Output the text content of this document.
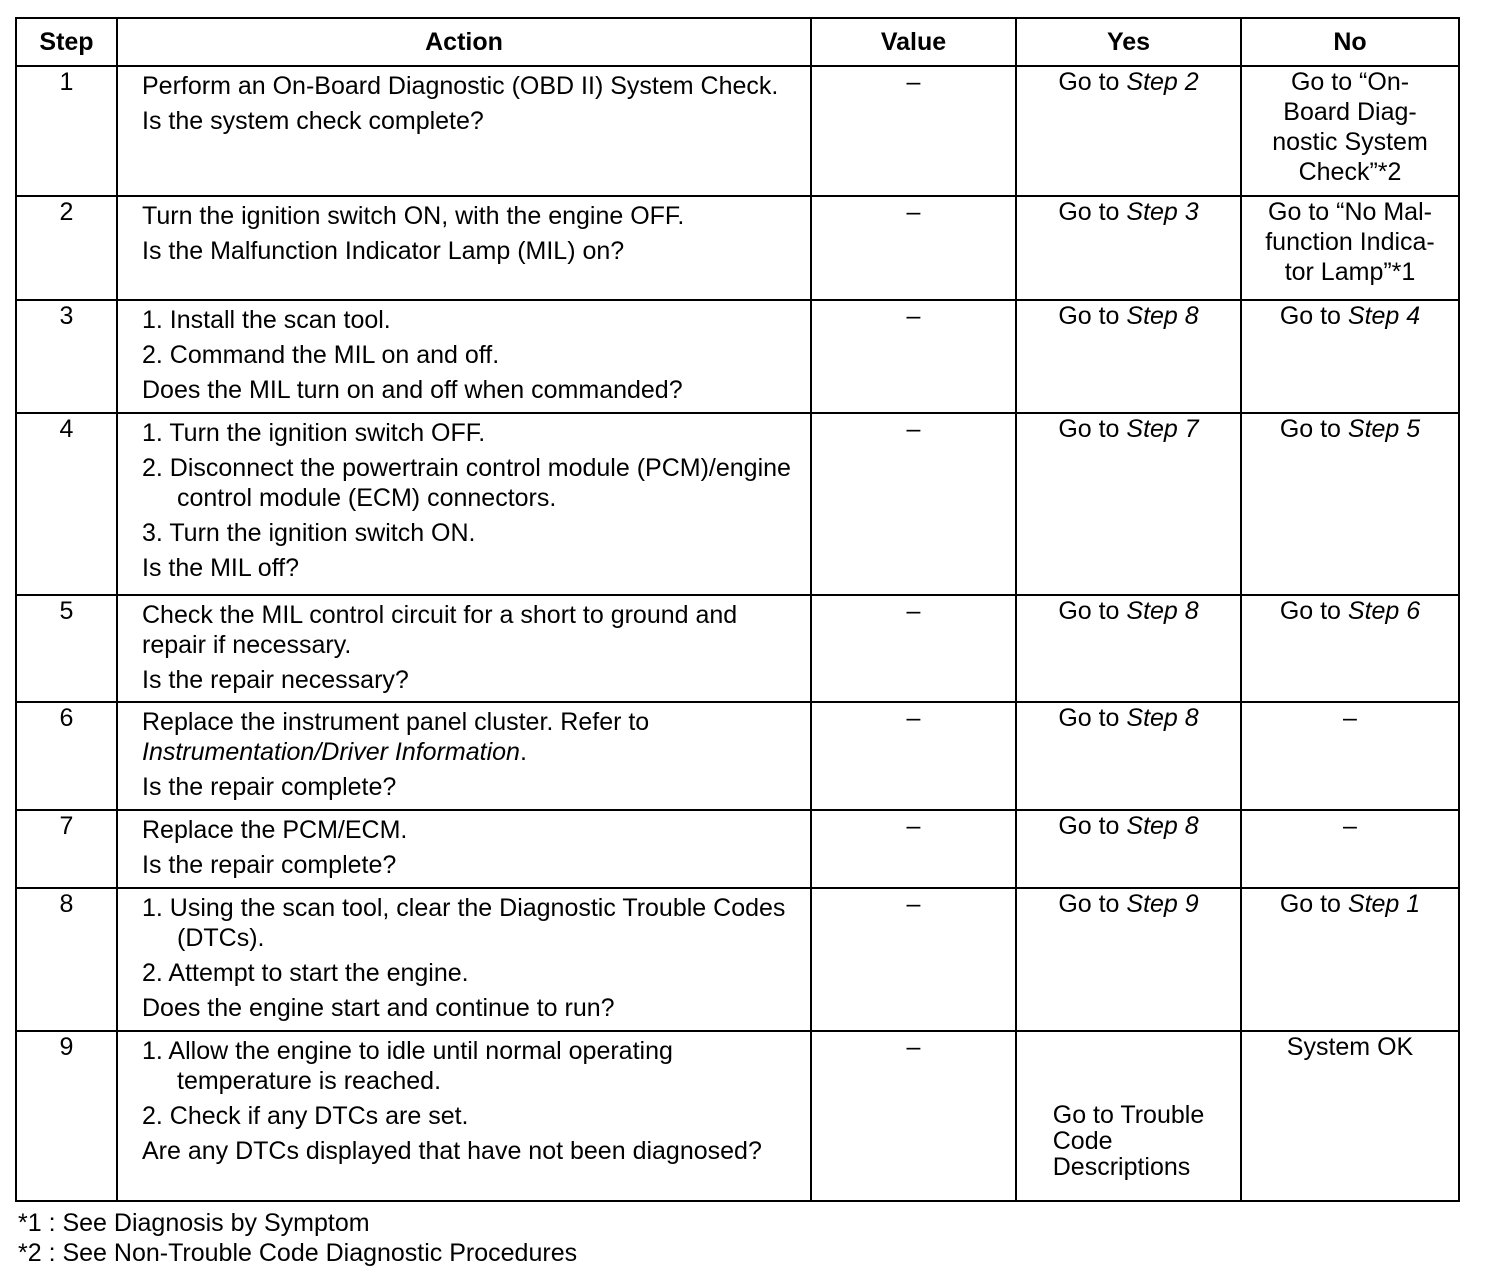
Step	Action	Value	Yes	No
1	Perform an On-Board Diagnostic (OBD II) System Check.
Is the system check complete?	–	Go to Step 2	Go to “On-
Board Diag-
nostic System
Check”*2

2	Turn the ignition switch ON, with the engine OFF.
Is the Malfunction Indicator Lamp (MIL) on?	–	Go to Step 3	Go to “No Mal-
function Indica-
tor Lamp”*1

3	1. Install the scan tool.
2. Command the MIL on and off.
Does the MIL turn on and off when commanded?	–	Go to Step 8	Go to Step 4
4	1. Turn the ignition switch OFF.
2. Disconnect the powertrain control module (PCM)/engine control module (ECM) connectors.
3. Turn the ignition switch ON.
Is the MIL off?	–	Go to Step 7	Go to Step 5
5	Check the MIL control circuit for a short to ground and repair if necessary.
Is the repair necessary?	–	Go to Step 8	Go to Step 6
6	Replace the instrument panel cluster. Refer to
Instrumentation/Driver Information.
Is the repair complete?	–	Go to Step 8	–
7	Replace the PCM/ECM.
Is the repair complete?	–	Go to Step 8	–
8	1. Using the scan tool, clear the Diagnostic Trouble Codes (DTCs).
2. Attempt to start the engine.
Does the engine start and continue to run?	–	Go to Step 9	Go to Step 1
9	1. Allow the engine to idle until normal operating temperature is reached.
2. Check if any DTCs are set.
Are any DTCs displayed that have not been diagnosed?	–	Go to Trouble
Code
Descriptions	System OK
*1 : See Diagnosis by Symptom
*2 : See Non-Trouble Code Diagnostic Procedures
